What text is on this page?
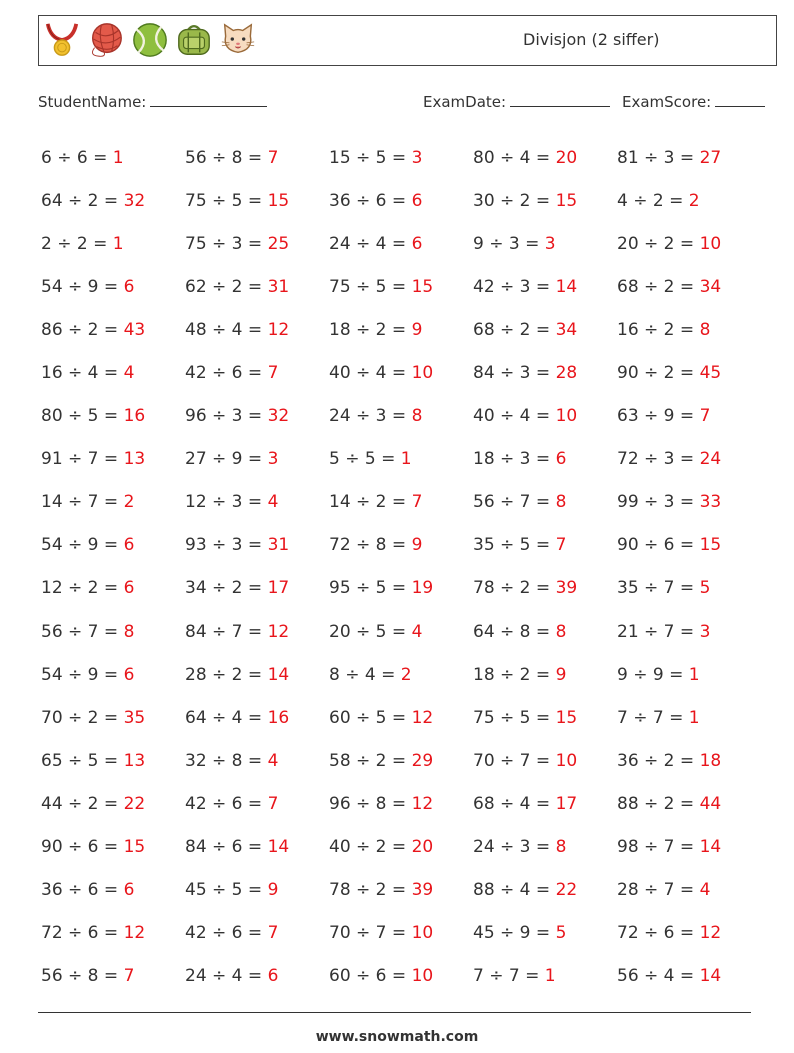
Divisjon (2 siffer)
StudentName:	ExamDate:	ExamScore:
6 ÷ 6 = 1	56 ÷ 8 = 7	15 ÷ 5 = 3	80 ÷ 4 = 20	81 ÷ 3 = 27
64 ÷ 2 = 32	75 ÷ 5 = 15	36 ÷ 6 = 6	30 ÷ 2 = 15	4 ÷ 2 = 2
2 ÷ 2 = 1	75 ÷ 3 = 25	24 ÷ 4 = 6	9 ÷ 3 = 3	20 ÷ 2 = 10
54 ÷ 9 = 6	62 ÷ 2 = 31	75 ÷ 5 = 15	42 ÷ 3 = 14	68 ÷ 2 = 34
86 ÷ 2 = 43	48 ÷ 4 = 12	18 ÷ 2 = 9	68 ÷ 2 = 34	16 ÷ 2 = 8
16 ÷ 4 = 4	42 ÷ 6 = 7	40 ÷ 4 = 10	84 ÷ 3 = 28	90 ÷ 2 = 45
80 ÷ 5 = 16	96 ÷ 3 = 32	24 ÷ 3 = 8	40 ÷ 4 = 10	63 ÷ 9 = 7
91 ÷ 7 = 13	27 ÷ 9 = 3	5 ÷ 5 = 1	18 ÷ 3 = 6	72 ÷ 3 = 24
14 ÷ 7 = 2	12 ÷ 3 = 4	14 ÷ 2 = 7	56 ÷ 7 = 8	99 ÷ 3 = 33
54 ÷ 9 = 6	93 ÷ 3 = 31	72 ÷ 8 = 9	35 ÷ 5 = 7	90 ÷ 6 = 15
12 ÷ 2 = 6	34 ÷ 2 = 17	95 ÷ 5 = 19	78 ÷ 2 = 39	35 ÷ 7 = 5
56 ÷ 7 = 8	84 ÷ 7 = 12	20 ÷ 5 = 4	64 ÷ 8 = 8	21 ÷ 7 = 3
54 ÷ 9 = 6	28 ÷ 2 = 14	8 ÷ 4 = 2	18 ÷ 2 = 9	9 ÷ 9 = 1
70 ÷ 2 = 35	64 ÷ 4 = 16	60 ÷ 5 = 12	75 ÷ 5 = 15	7 ÷ 7 = 1
65 ÷ 5 = 13	32 ÷ 8 = 4	58 ÷ 2 = 29	70 ÷ 7 = 10	36 ÷ 2 = 18
44 ÷ 2 = 22	42 ÷ 6 = 7	96 ÷ 8 = 12	68 ÷ 4 = 17	88 ÷ 2 = 44
90 ÷ 6 = 15	84 ÷ 6 = 14	40 ÷ 2 = 20	24 ÷ 3 = 8	98 ÷ 7 = 14
36 ÷ 6 = 6	45 ÷ 5 = 9	78 ÷ 2 = 39	88 ÷ 4 = 22	28 ÷ 7 = 4
72 ÷ 6 = 12	42 ÷ 6 = 7	70 ÷ 7 = 10	45 ÷ 9 = 5	72 ÷ 6 = 12
56 ÷ 8 = 7	24 ÷ 4 = 6	60 ÷ 6 = 10	7 ÷ 7 = 1	56 ÷ 4 = 14
www.snowmath.com
